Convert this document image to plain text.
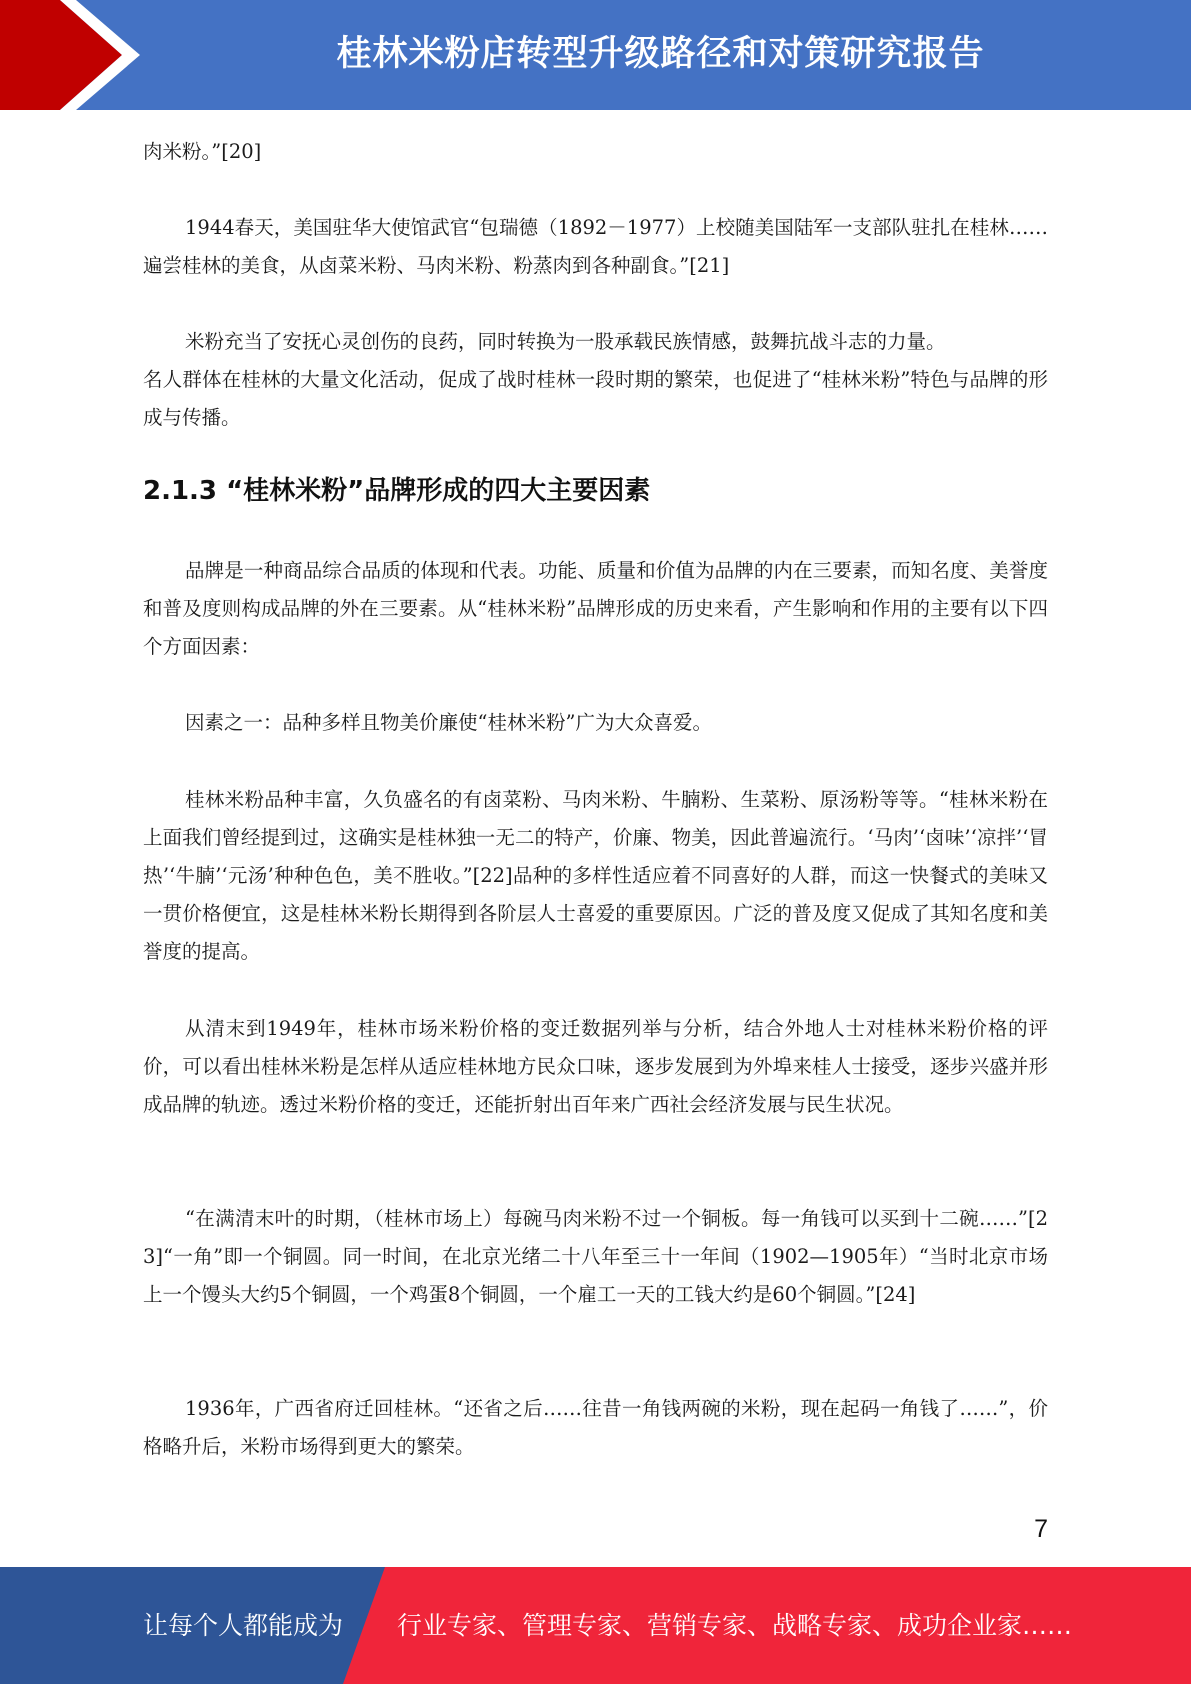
桂林米粉店转型升级路径和对策研究报告

肉米粉。”[20]

1944春天，美国驻华大使馆武官“包瑞德（1892－1977）上校随美国陆军一支部队驻扎在桂林……遍尝桂林的美食，从卤菜米粉、马肉米粉、粉蒸肉到各种副食。”[21]

米粉充当了安抚心灵创伤的良药，同时转换为一股承载民族情感，鼓舞抗战斗志的力量。

名人群体在桂林的大量文化活动，促成了战时桂林一段时期的繁荣，也促进了“桂林米粉”特色与品牌的形成与传播。

2.1.3 “桂林米粉”品牌形成的四大主要因素

品牌是一种商品综合品质的体现和代表。功能、质量和价值为品牌的内在三要素，而知名度、美誉度和普及度则构成品牌的外在三要素。从“桂林米粉”品牌形成的历史来看，产生影响和作用的主要有以下四个方面因素：

因素之一：品种多样且物美价廉使“桂林米粉”广为大众喜爱。

桂林米粉品种丰富，久负盛名的有卤菜粉、马肉米粉、牛腩粉、生菜粉、原汤粉等等。“桂林米粉在上面我们曾经提到过，这确实是桂林独一无二的特产，价廉、物美，因此普遍流行。‘马肉’‘卤味’‘凉拌’‘冒热’‘牛腩’‘元汤’种种色色，美不胜收。”[22]品种的多样性适应着不同喜好的人群，而这一快餐式的美味又一贯价格便宜，这是桂林米粉长期得到各阶层人士喜爱的重要原因。广泛的普及度又促成了其知名度和美誉度的提高。

从清末到1949年，桂林市场米粉价格的变迁数据列举与分析，结合外地人士对桂林米粉价格的评价，可以看出桂林米粉是怎样从适应桂林地方民众口味，逐步发展到为外埠来桂人士接受，逐步兴盛并形成品牌的轨迹。透过米粉价格的变迁，还能折射出百年来广西社会经济发展与民生状况。

“在满清末叶的时期，（桂林市场上）每碗马肉米粉不过一个铜板。每一角钱可以买到十二碗……”[23]“一角”即一个铜圆。同一时间，在北京光绪二十八年至三十一年间（1902—1905年）“当时北京市场上一个馒头大约5个铜圆，一个鸡蛋8个铜圆，一个雇工一天的工钱大约是60个铜圆。”[24]

1936年，广西省府迁回桂林。“还省之后……往昔一角钱两碗的米粉，现在起码一角钱了……”，价格略升后，米粉市场得到更大的繁荣。

7
让每个人都能成为 行业专家、管理专家、营销专家、战略专家、成功企业家……
